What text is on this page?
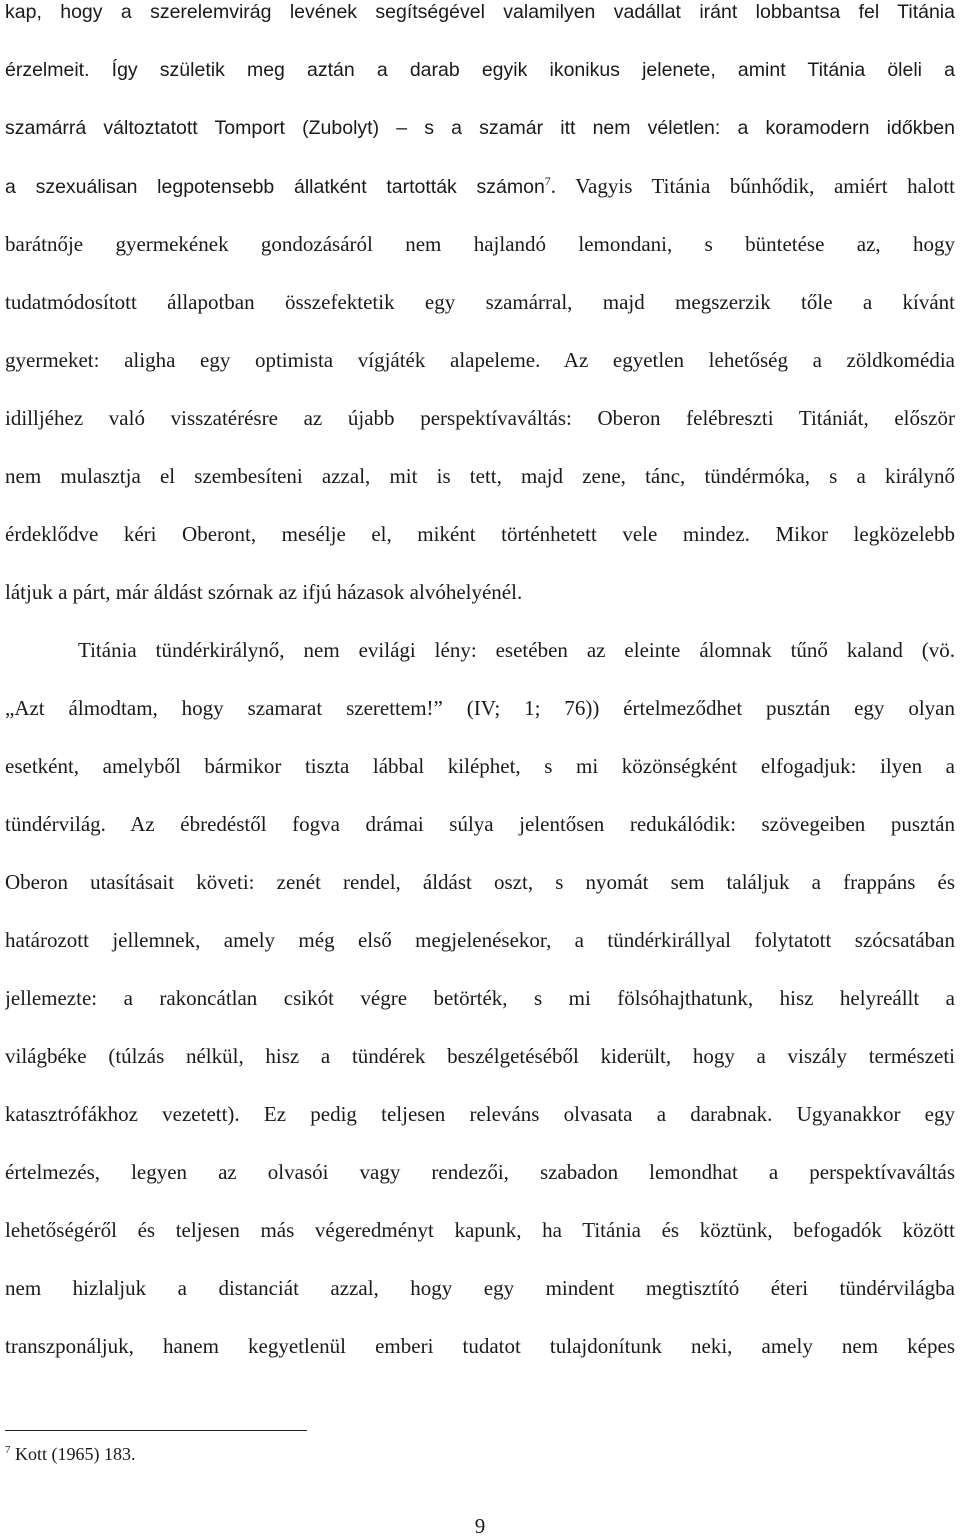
kap, hogy a szerelemvirág levének segítségével valamilyen vadállat iránt lobbantsa fel Titánia
érzelmeit. Így születik meg aztán a darab egyik ikonikus jelenete, amint Titánia öleli a
szamárrá változtatott Tomport (Zubolyt) – s a szamár itt nem véletlen: a koramodern időkben
a szexuálisan legpotensebb állatként tartották számon$^7$. Vagyis Titánia bűnhődik, amiért halott
barátnője gyermekének gondozásáról nem hajlandó lemondani, s büntetése az, hogy
tudatmódosított állapotban összefektetik egy szamárral, majd megszerzik tőle a kívánt
gyermeket: aligha egy optimista vígjáték alapeleme. Az egyetlen lehetőség a zöldkomédia
idilljéhez való visszatérésre az újabb perspektívaváltás: Oberon felébreszti Titániát, először
nem mulasztja el szembesíteni azzal, mit is tett, majd zene, tánc, tündérmóka, s a királynő
érdeklődve kéri Oberont, mesélje el, miként történhetett vele mindez. Mikor legközelebb
látjuk a párt, már áldást szórnak az ifjú házasok alvóhelyénél.
Titánia tündérkirálynő, nem evilági lény: esetében az eleinte álomnak tűnő kaland (vö.
„Azt álmodtam, hogy szamarat szerettem!” (IV; 1; 76)) értelmeződhet pusztán egy olyan
esetként, amelyből bármikor tiszta lábbal kiléphet, s mi közönségként elfogadjuk: ilyen a
tündérvilág. Az ébredéstől fogva drámai súlya jelentősen redukálódik: szövegeiben pusztán
Oberon utasításait követi: zenét rendel, áldást oszt, s nyomát sem találjuk a frappáns és
határozott jellemnek, amely még első megjelenésekor, a tündérkirállyal folytatott szócsatában
jellemezte: a rakoncátlan csikót végre betörték, s mi fölsóhajthatunk, hisz helyreállt a
világbéke (túlzás nélkül, hisz a tündérek beszélgetéséből kiderült, hogy a viszály természeti
katasztrófákhoz vezetett). Ez pedig teljesen releváns olvasata a darabnak. Ugyanakkor egy
értelmezés, legyen az olvasói vagy rendezői, szabadon lemondhat a perspektívaváltás
lehetőségéről és teljesen más végeredményt kapunk, ha Titánia és köztünk, befogadók között
nem hizlaljuk a distanciát azzal, hogy egy mindent megtisztító éteri tündérvilágba
transzponáljuk, hanem kegyetlenül emberi tudatot tulajdonítunk neki, amely nem képes
$^7$ Kott (1965) 183.
9
